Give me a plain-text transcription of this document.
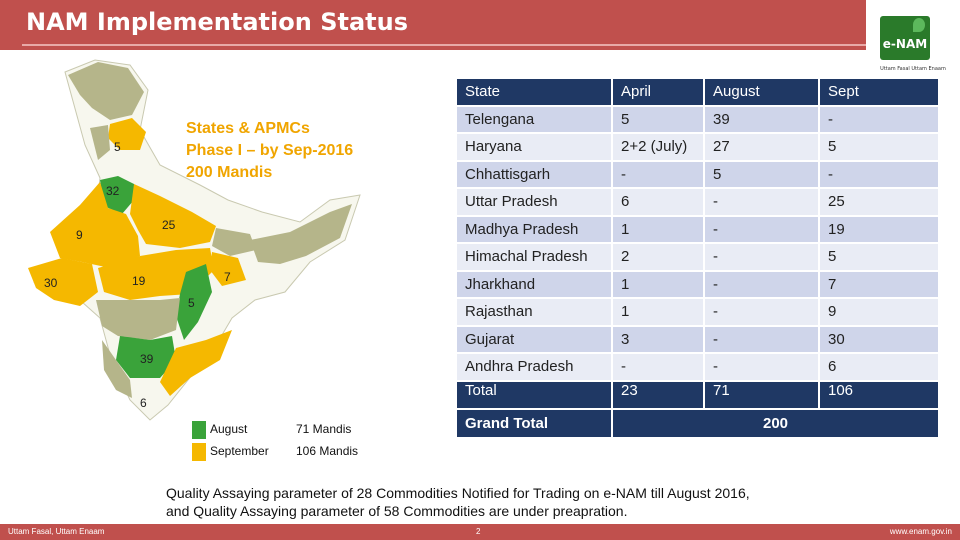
NAM Implementation Status
e-NAM
Uttam Fasal Uttam Enaam
5
32
9
25
30	19	7
5
39
6
States & APMCs
Phase I – by Sep-2016
200 Mandis
August	71 Mandis
September 106 Mandis
State	April	August	Sept
Telengana	5	39	-
Haryana	2+2 (July)	27	5
Chhattisgarh	-	5	-
Uttar Pradesh	6	-	25
Madhya Pradesh	1	-	19
Himachal Pradesh	2	-	5
Jharkhand	1	-	7
Rajasthan	1	-	9
Gujarat	3	-	30
Andhra Pradesh	-	-	6
Total	23	71	106
Grand Total	200		
Quality Assaying parameter of 28 Commodities Notified for Trading on e-NAM till August 2016,
and Quality Assaying parameter of 58 Commodities are under preapration.
Uttam Fasal, Uttam Enaam	2	www.enam.gov.in
